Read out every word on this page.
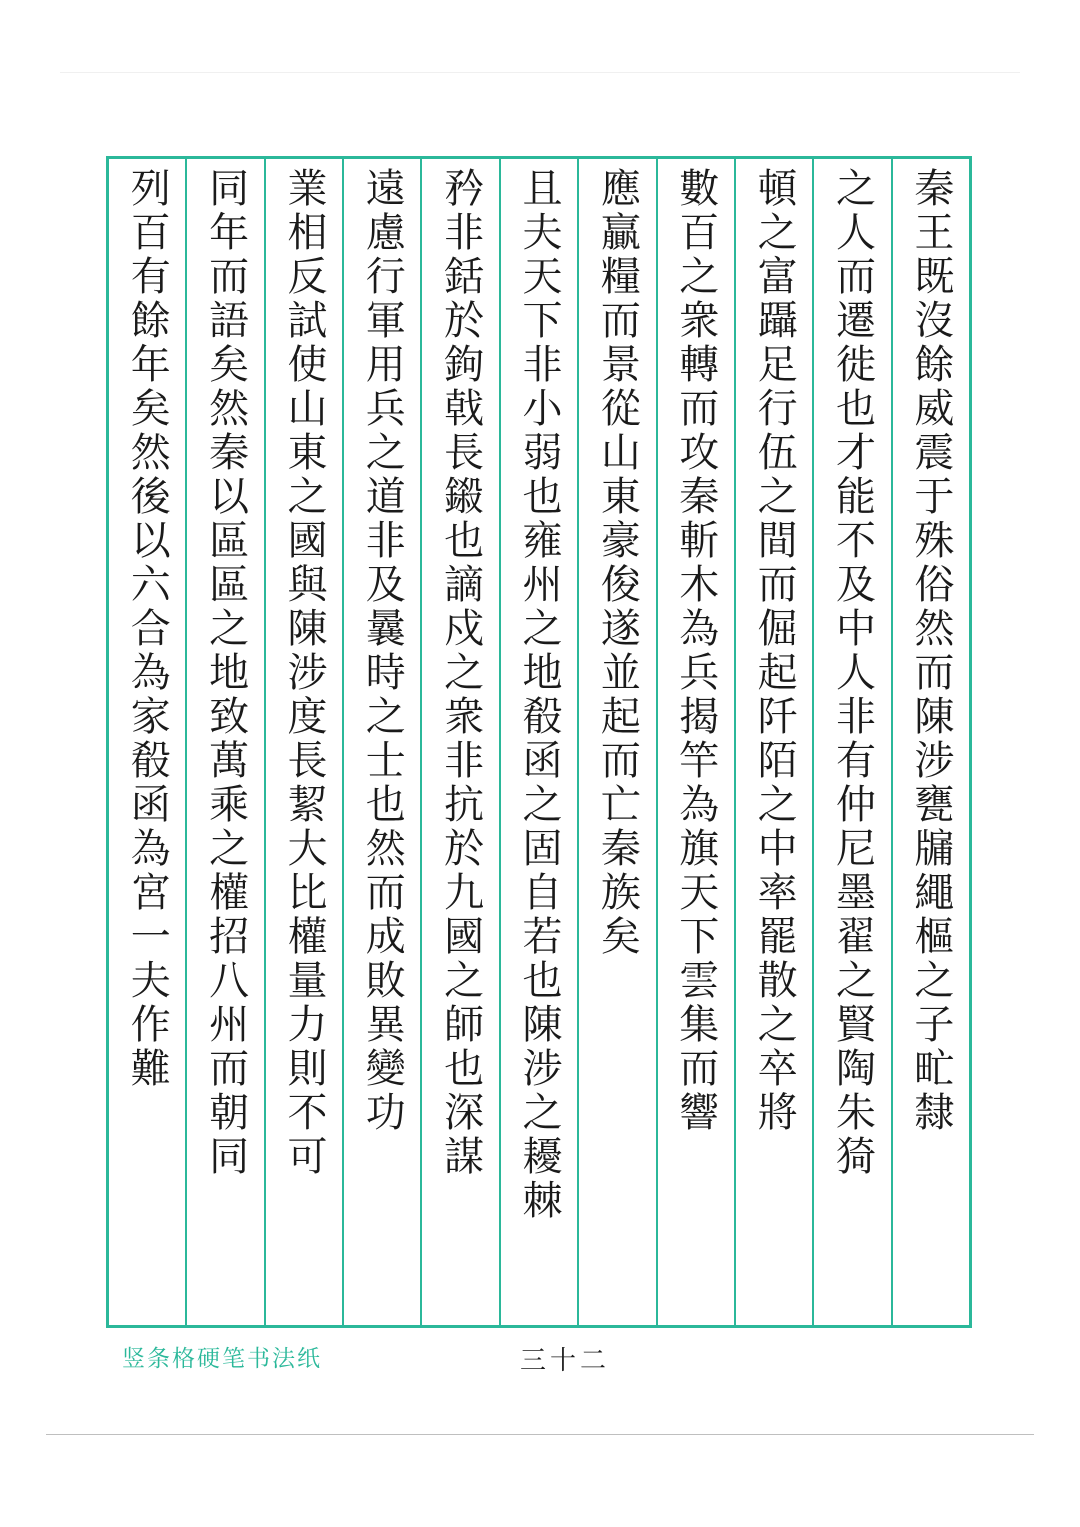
秦王既沒餘威震于殊俗然而陳涉甕牖繩樞之子甿隸
之人而遷徙也才能不及中人非有仲尼墨翟之賢陶朱猗
頓之富躡足行伍之間而倔起阡陌之中率罷散之卒將
數百之衆轉而攻秦斬木為兵揭竿為旗天下雲集而響
應贏糧而景從山東豪俊遂並起而亡秦族矣
且夫天下非小弱也雍州之地殽函之固自若也陳涉之耰棘
矜非銛於鉤戟長鎩也謫戍之衆非抗於九國之師也深謀
遠慮行軍用兵之道非及曩時之士也然而成敗異變功
業相反試使山東之國與陳涉度長絜大比權量力則不可
同年而語矣然秦以區區之地致萬乘之權招八州而朝同
列百有餘年矣然後以六合為家殽函為宮一夫作難
竖条格硬笔书法纸	三十二
